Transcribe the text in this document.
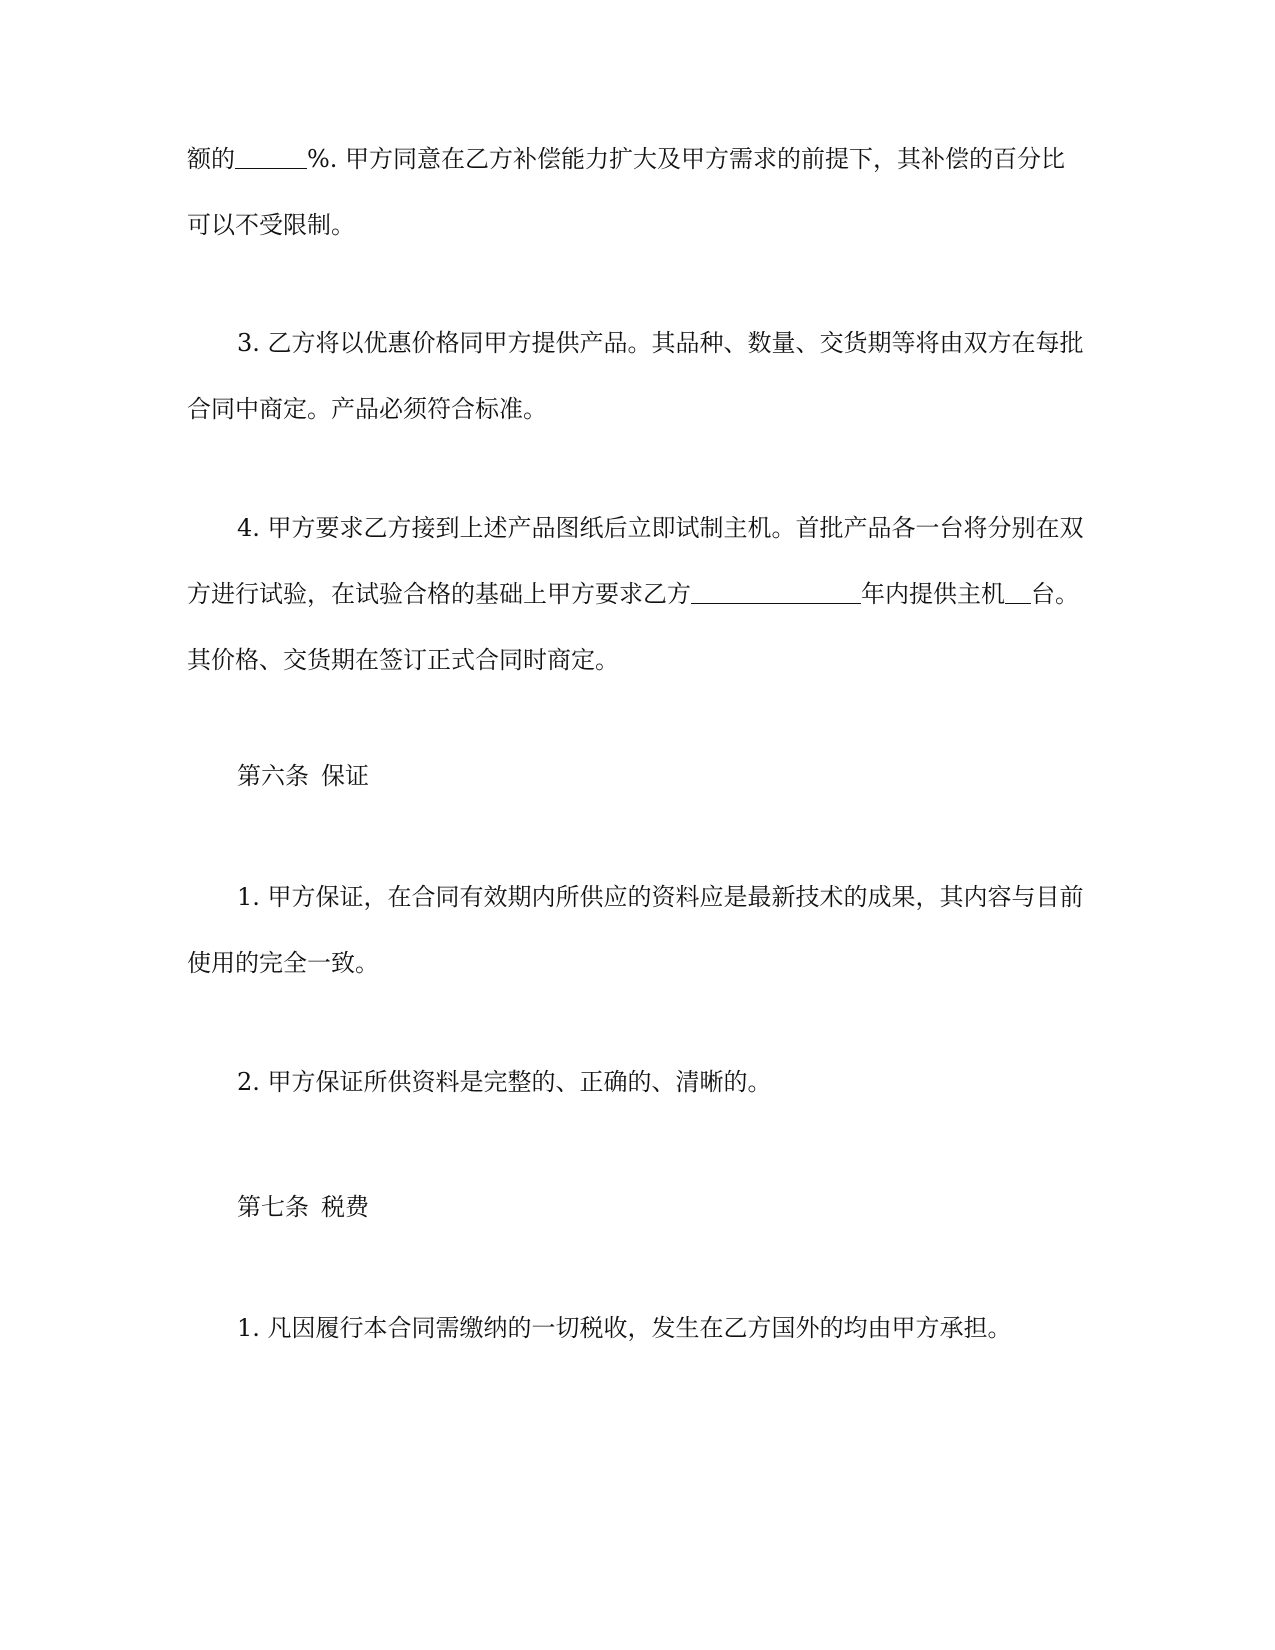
额的	%. 甲方同意在乙方补偿能力扩大及甲方需求的前提下，其补偿的百分比可以不受限制。

3. 乙方将以优惠价格同甲方提供产品。其品种、数量、交货期等将由双方在每批合同中商定。产品必须符合标准。

4. 甲方要求乙方接到上述产品图纸后立即试制主机。首批产品各一台将分别在双方进行试验，在试验合格的基础上甲方要求乙方	年内提供主机 台。其价格、交货期在签订正式合同时商定。

第六条 保证

1. 甲方保证，在合同有效期内所供应的资料应是最新技术的成果，其内容与目前使用的完全一致。

2. 甲方保证所供资料是完整的、正确的、清晰的。

第七条 税费

1. 凡因履行本合同需缴纳的一切税收，发生在乙方国外的均由甲方承担。
